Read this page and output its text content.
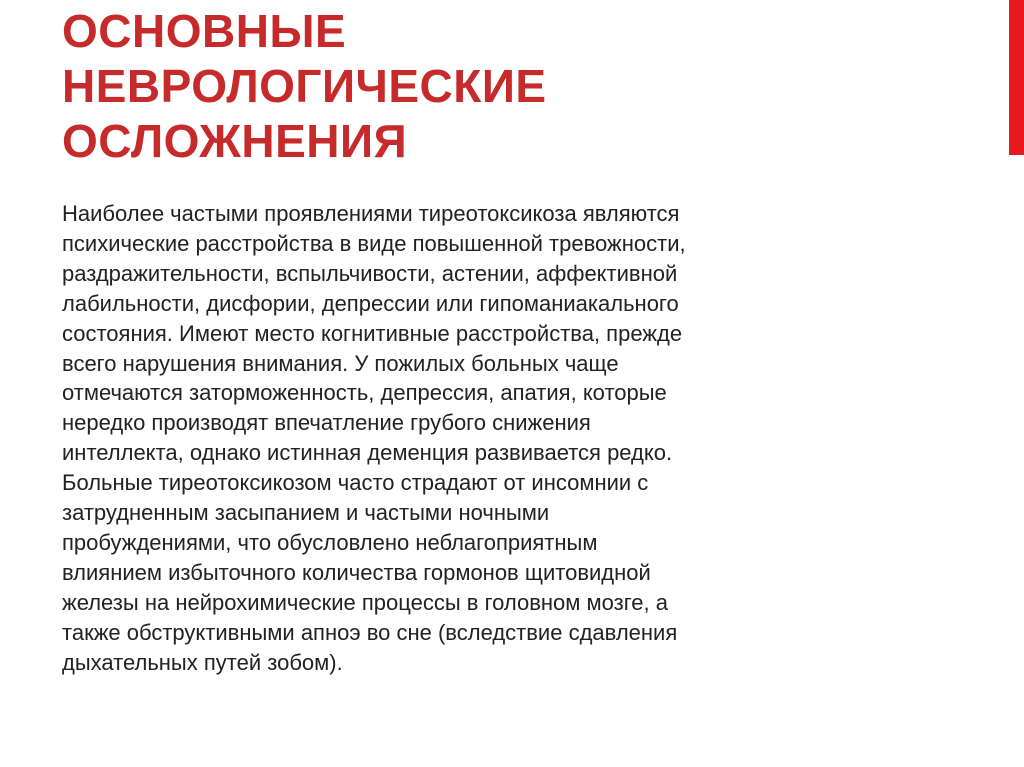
ОСНОВНЫЕ
НЕВРОЛОГИЧЕСКИЕ
ОСЛОЖНЕНИЯ
Наиболее частыми проявлениями тиреотоксикоза являются
психические расстройства в виде повышенной тревожности,
раздражительности, вспыльчивости, астении, аффективной
лабильности, дисфории, депрессии или гипоманиакального
состояния. Имеют место когнитивные расстройства, прежде
всего нарушения внимания. У пожилых больных чаще
отмечаются заторможенность, депрессия, апатия, которые
нередко производят впечатление грубого снижения
интеллекта, однако истинная деменция развивается редко.
Больные тиреотоксикозом часто страдают от инсомнии с
затрудненным засыпанием и частыми ночными
пробуждениями, что обусловлено неблагоприятным
влиянием избыточного количества гормонов щитовидной
железы на нейрохимические процессы в головном мозге, а
также обструктивными апноэ во сне (вследствие сдавления
дыхательных путей зобом).
